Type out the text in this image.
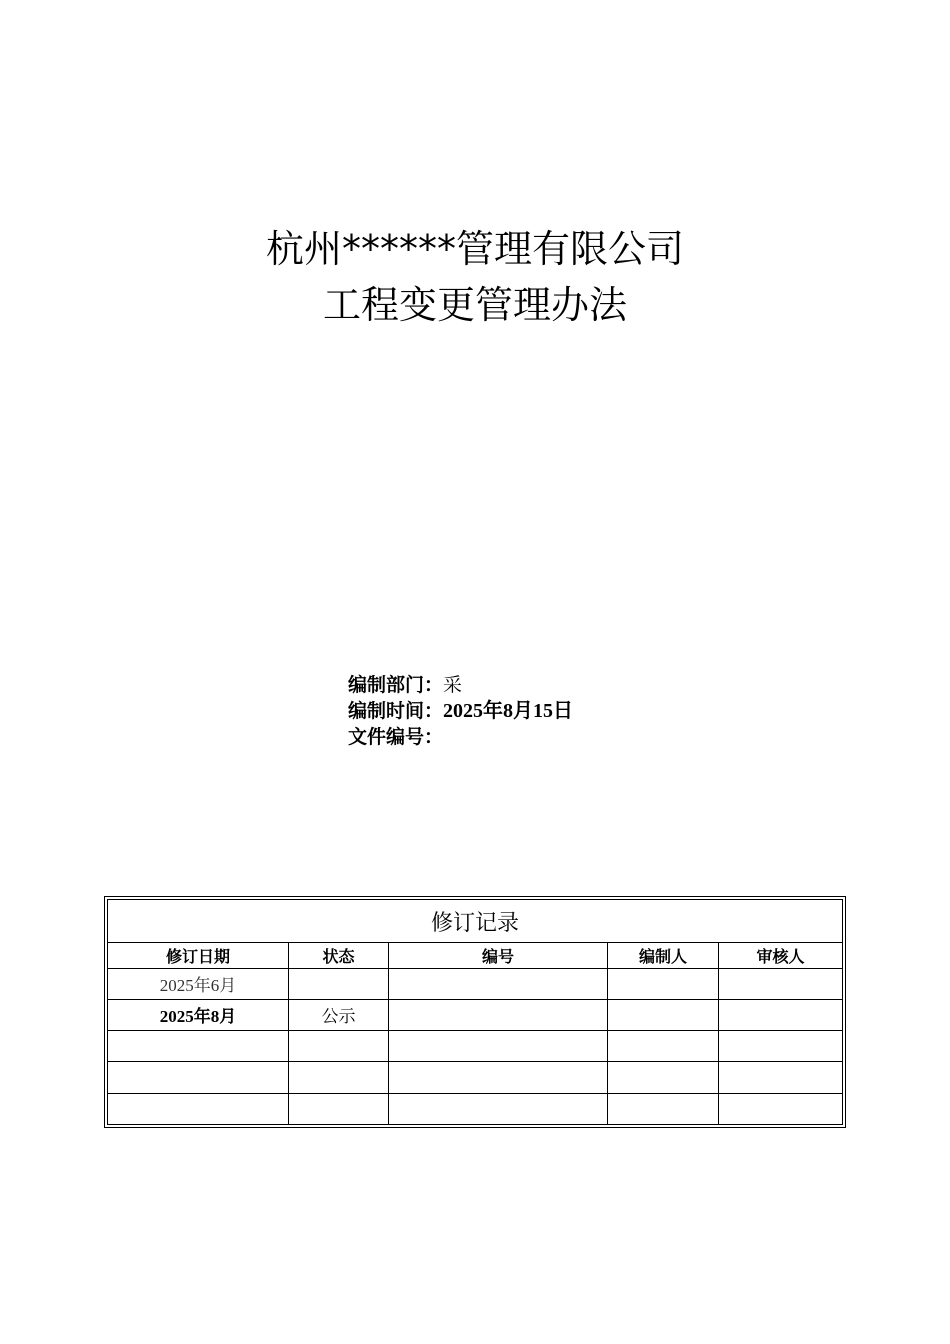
杭州******管理有限公司
工程变更管理办法
编制部门：采
编制时间：2025年8月15日
文件编号：
修订记录				
修订日期	状态	编号	编制人	审核人
2025年6月				
2025年8月	公示			
